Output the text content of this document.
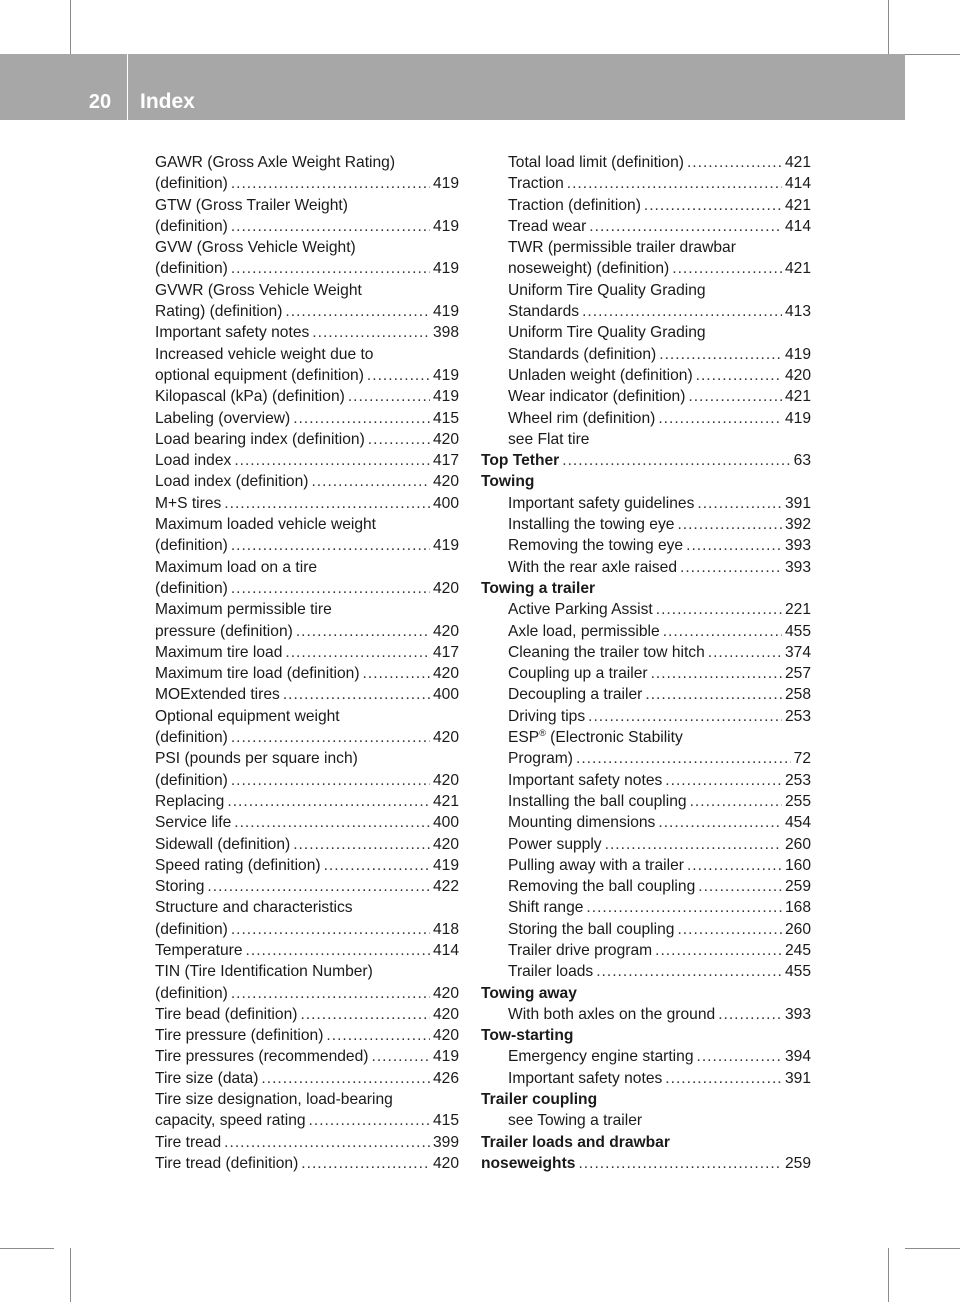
20	Index
GAWR (Gross Axle Weight Rating)
(definition) .....	419
GTW (Gross Trailer Weight)
(definition) .....	419
GVW (Gross Vehicle Weight)
(definition) .....	419
GVWR (Gross Vehicle Weight
Rating) (definition) .....	419
Important safety notes .....	398
Increased vehicle weight due to
optional equipment (definition) .....	419
Kilopascal (kPa) (definition) .....	419
Labeling (overview) .....	415
Load bearing index (definition) .....	420
Load index .....	417
Load index (definition) .....	420
M+S tires .....	400
Maximum loaded vehicle weight
(definition) .....	419
Maximum load on a tire
(definition) .....	420
Maximum permissible tire
pressure (definition) .....	420
Maximum tire load .....	417
Maximum tire load (definition) .....	420
MOExtended tires .....	400
Optional equipment weight
(definition) .....	420
PSI (pounds per square inch)
(definition) .....	420
Replacing .....	421
Service life .....	400
Sidewall (definition) .....	420
Speed rating (definition) .....	419
Storing .....	422
Structure and characteristics
(definition) .....	418
Temperature .....	414
TIN (Tire Identification Number)
(definition) .....	420
Tire bead (definition) .....	420
Tire pressure (definition) .....	420
Tire pressures (recommended) .....	419
Tire size (data) .....	426
Tire size designation, load-bearing
capacity, speed rating .....	415
Tire tread .....	399
Tire tread (definition) .....	420
Total load limit (definition) .....	421
Traction .....	414
Traction (definition) .....	421
Tread wear .....	414
TWR (permissible trailer drawbar
noseweight) (definition) .....	421
Uniform Tire Quality Grading
Standards .....	413
Uniform Tire Quality Grading
Standards (definition) .....	419
Unladen weight (definition) .....	420
Wear indicator (definition) .....	421
Wheel rim (definition) .....	419
see Flat tire
Top Tether .....	63
Towing
Important safety guidelines .....	391
Installing the towing eye .....	392
Removing the towing eye .....	393
With the rear axle raised .....	393
Towing a trailer
Active Parking Assist .....	221
Axle load, permissible .....	455
Cleaning the trailer tow hitch .....	374
Coupling up a trailer .....	257
Decoupling a trailer .....	258
Driving tips .....	253
ESP® (Electronic Stability
Program) .....	72
Important safety notes .....	253
Installing the ball coupling .....	255
Mounting dimensions .....	454
Power supply .....	260
Pulling away with a trailer .....	160
Removing the ball coupling .....	259
Shift range .....	168
Storing the ball coupling .....	260
Trailer drive program .....	245
Trailer loads .....	455
Towing away
With both axles on the ground .....	393
Tow-starting
Emergency engine starting .....	394
Important safety notes .....	391
Trailer coupling
see Towing a trailer
Trailer loads and drawbar
noseweights .....	259
